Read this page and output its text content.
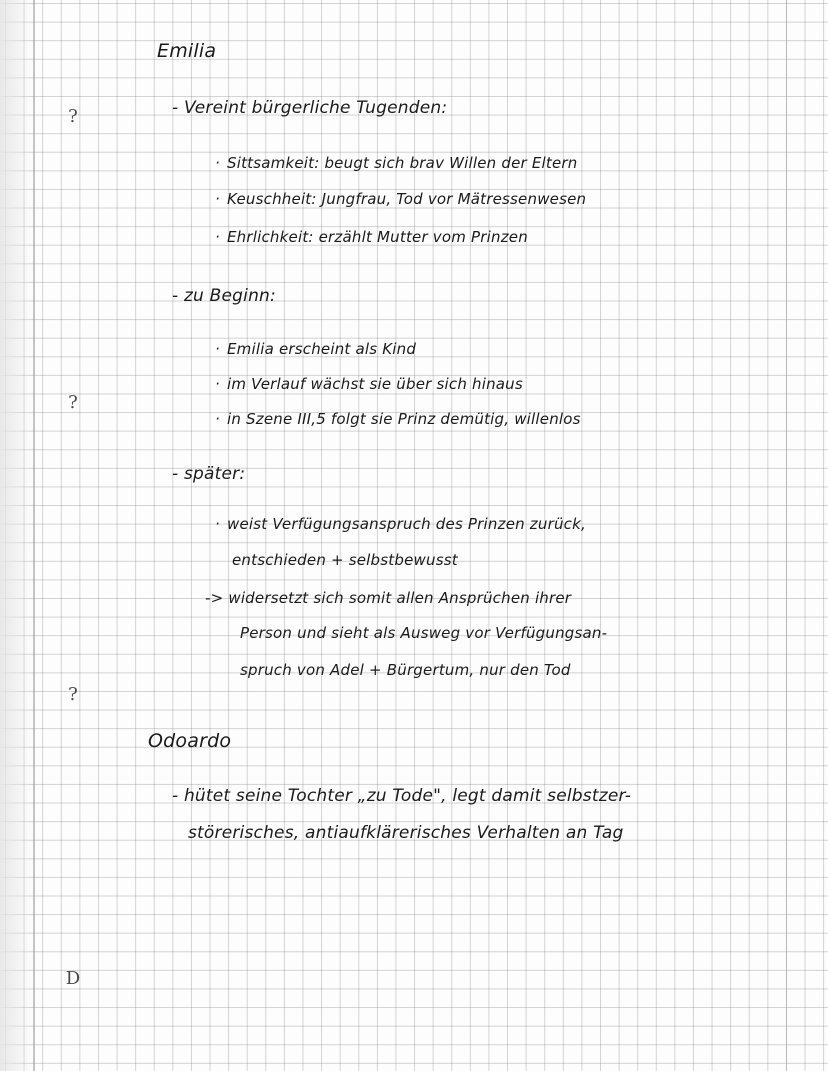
?
?
?
D
Emilia
- Vereint bürgerliche Tugenden:
· Sittsamkeit: beugt sich brav Willen der Eltern
· Keuschheit: Jungfrau, Tod vor Mätressenwesen
· Ehrlichkeit: erzählt Mutter vom Prinzen
- zu Beginn:
· Emilia erscheint als Kind
· im Verlauf wächst sie über sich hinaus
· in Szene III,5 folgt sie Prinz demütig, willenlos
- später:
· weist Verfügungsanspruch des Prinzen zurück,
entschieden + selbstbewusst
-> widersetzt sich somit allen Ansprüchen ihrer
Person und sieht als Ausweg vor Verfügungsan-
spruch von Adel + Bürgertum, nur den Tod
Odoardo
- hütet seine Tochter „zu Tode", legt damit selbstzer-
störerisches, antiaufklärerisches Verhalten an Tag
